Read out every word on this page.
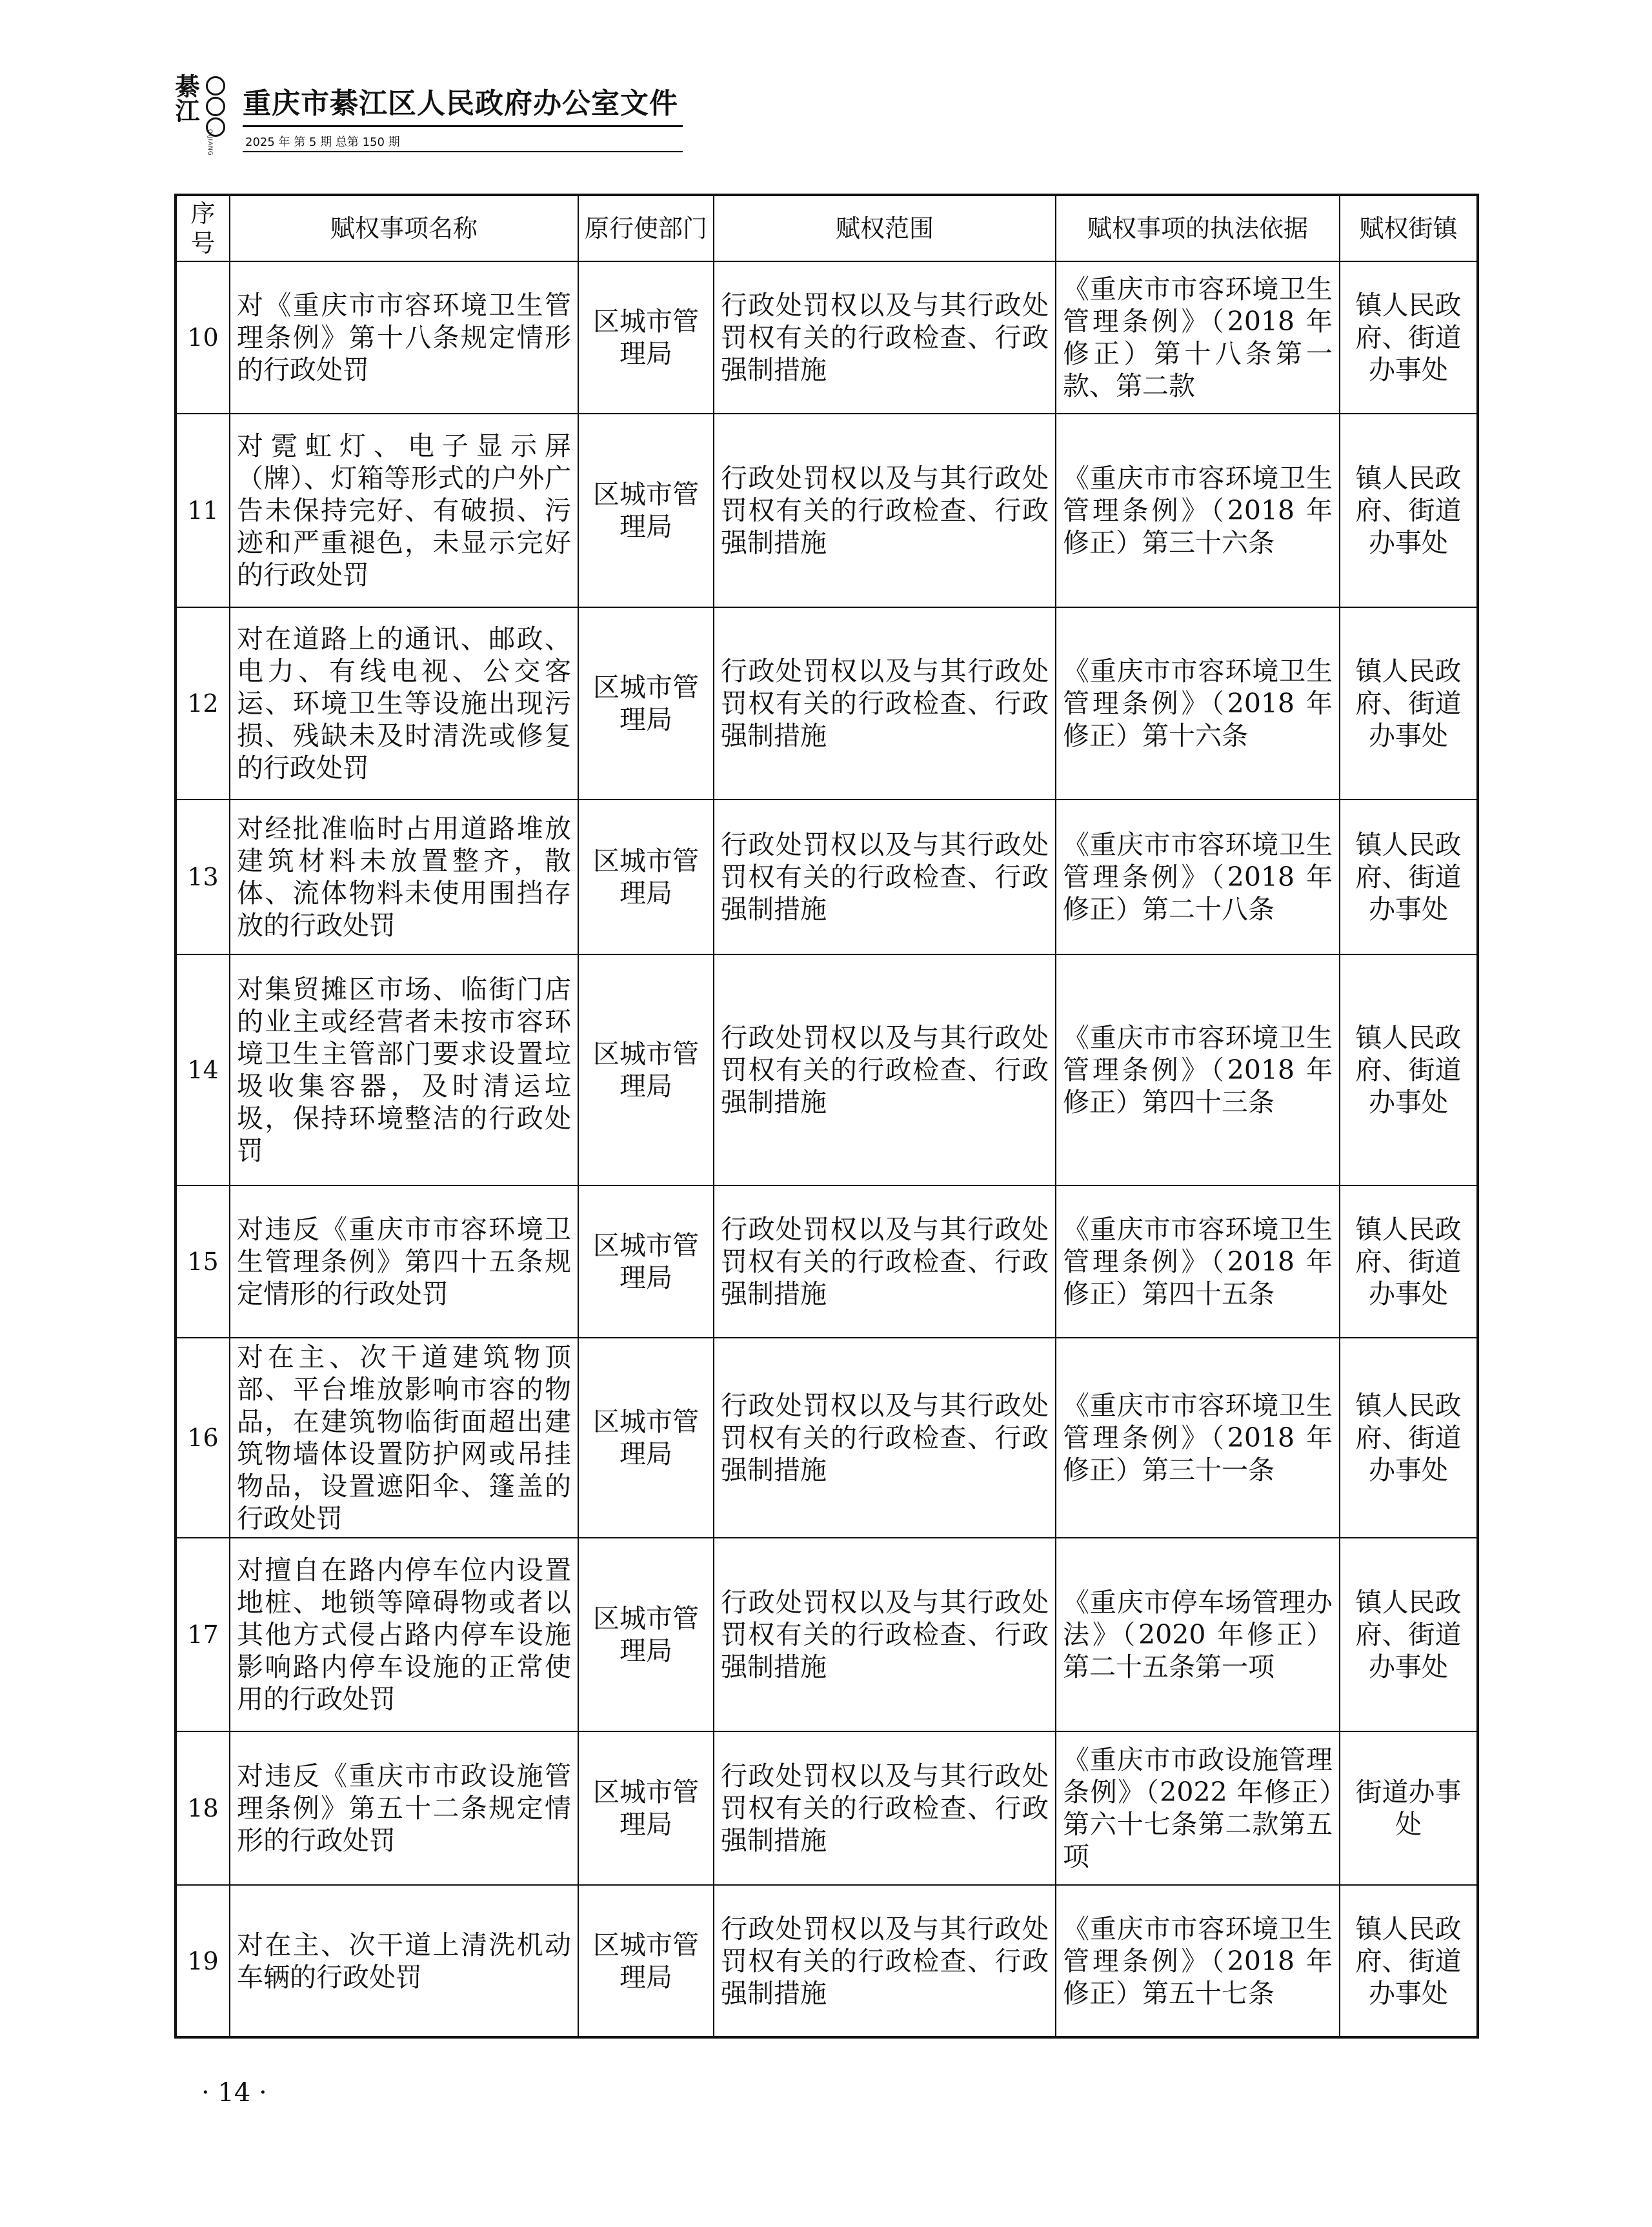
綦江
QIJIANG
重庆市綦江区人民政府办公室文件
2025 年 第 5 期 总第 150 期
序号	赋权事项名称	原行使部门	赋权范围	赋权事项的执法依据	赋权街镇
10	对《重庆市市容环境卫生管理条例》第十八条规定情形的行政处罚	区城市管理局	行政处罚权以及与其行政处罚权有关的行政检查、行政强制措施	《重庆市市容环境卫生管理条例》（2018 年修正）第十八条第一款、第二款	镇人民政府、街道办事处
11	对霓虹灯、电子显示屏（牌）、灯箱等形式的户外广告未保持完好、有破损、污迹和严重褪色，未显示完好的行政处罚	区城市管理局	行政处罚权以及与其行政处罚权有关的行政检查、行政强制措施	《重庆市市容环境卫生管理条例》（2018 年修正）第三十六条	镇人民政府、街道办事处
12	对在道路上的通讯、邮政、电力、有线电视、公交客运、环境卫生等设施出现污损、残缺未及时清洗或修复的行政处罚	区城市管理局	行政处罚权以及与其行政处罚权有关的行政检查、行政强制措施	《重庆市市容环境卫生管理条例》（2018 年修正）第十六条	镇人民政府、街道办事处
13	对经批准临时占用道路堆放建筑材料未放置整齐，散体、流体物料未使用围挡存放的行政处罚	区城市管理局	行政处罚权以及与其行政处罚权有关的行政检查、行政强制措施	《重庆市市容环境卫生管理条例》（2018 年修正）第二十八条	镇人民政府、街道办事处
14	对集贸摊区市场、临街门店的业主或经营者未按市容环境卫生主管部门要求设置垃圾收集容器，及时清运垃圾，保持环境整洁的行政处罚	区城市管理局	行政处罚权以及与其行政处罚权有关的行政检查、行政强制措施	《重庆市市容环境卫生管理条例》（2018 年修正）第四十三条	镇人民政府、街道办事处
15	对违反《重庆市市容环境卫生管理条例》第四十五条规定情形的行政处罚	区城市管理局	行政处罚权以及与其行政处罚权有关的行政检查、行政强制措施	《重庆市市容环境卫生管理条例》（2018 年修正）第四十五条	镇人民政府、街道办事处
16	对在主、次干道建筑物顶部、平台堆放影响市容的物品，在建筑物临街面超出建筑物墙体设置防护网或吊挂物品，设置遮阳伞、篷盖的行政处罚	区城市管理局	行政处罚权以及与其行政处罚权有关的行政检查、行政强制措施	《重庆市市容环境卫生管理条例》（2018 年修正）第三十一条	镇人民政府、街道办事处
17	对擅自在路内停车位内设置地桩、地锁等障碍物或者以其他方式侵占路内停车设施影响路内停车设施的正常使用的行政处罚	区城市管理局	行政处罚权以及与其行政处罚权有关的行政检查、行政强制措施	《重庆市停车场管理办法》（2020 年修正）第二十五条第一项	镇人民政府、街道办事处
18	对违反《重庆市市政设施管理条例》第五十二条规定情形的行政处罚	区城市管理局	行政处罚权以及与其行政处罚权有关的行政检查、行政强制措施	《重庆市市政设施管理条例》（2022 年修正）第六十七条第二款第五项	街道办事处
19	对在主、次干道上清洗机动车辆的行政处罚	区城市管理局	行政处罚权以及与其行政处罚权有关的行政检查、行政强制措施	《重庆市市容环境卫生管理条例》（2018 年修正）第五十七条	镇人民政府、街道办事处
· 14 ·
